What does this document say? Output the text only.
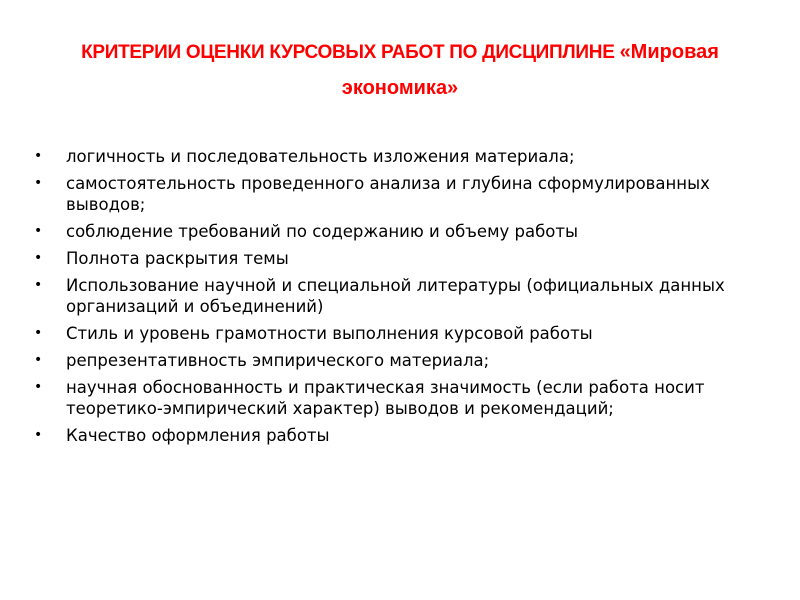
КРИТЕРИИ ОЦЕНКИ КУРСОВЫХ РАБОТ ПО ДИСЦИПЛИНЕ «Мировая экономика»
• логичность и последовательность изложения материала;
• самостоятельность проведенного анализа и глубина сформулированных выводов;
• соблюдение требований по содержанию и объему работы
• Полнота раскрытия темы
• Использование научной и специальной литературы (официальных данных организаций и объединений)
• Стиль и уровень грамотности выполнения курсовой работы
• репрезентативность эмпирического материала;
• научная обоснованность и практическая значимость (если работа носит теоретико-эмпирический характер) выводов и рекомендаций;
• Качество оформления работы
